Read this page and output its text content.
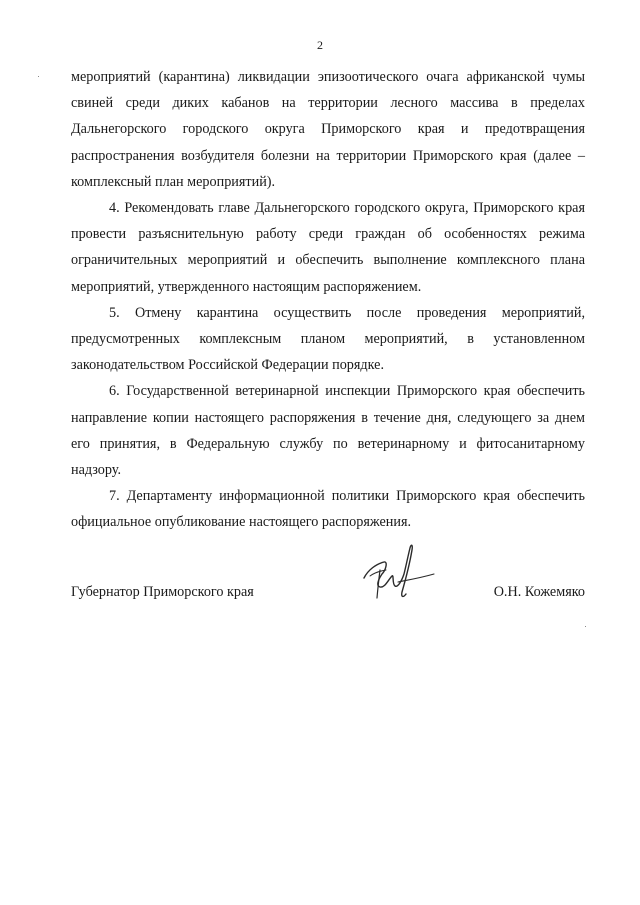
2

мероприятий (карантина) ликвидации эпизоотического очага африканской чумы свиней среди диких кабанов на территории лесного массива в пределах Дальнегорского городского округа Приморского края и предотвращения распространения возбудителя болезни на территории Приморского края (далее – комплексный план мероприятий).

4. Рекомендовать главе Дальнегорского городского округа, Приморского края провести разъяснительную работу среди граждан об особенностях режима ограничительных мероприятий и обеспечить выполнение комплексного плана мероприятий, утвержденного настоящим распоряжением.

5. Отмену карантина осуществить после проведения мероприятий, предусмотренных комплексным планом мероприятий, в установленном законодательством Российской Федерации порядке.

6. Государственной ветеринарной инспекции Приморского края обеспечить направление копии настоящего распоряжения в течение дня, следующего за днем его принятия, в Федеральную службу по ветеринарному и фитосанитарному надзору.

7. Департаменту информационной политики Приморского края обеспечить официальное опубликование настоящего распоряжения.

Губернатор Приморского края	О.Н. Кожемяко
